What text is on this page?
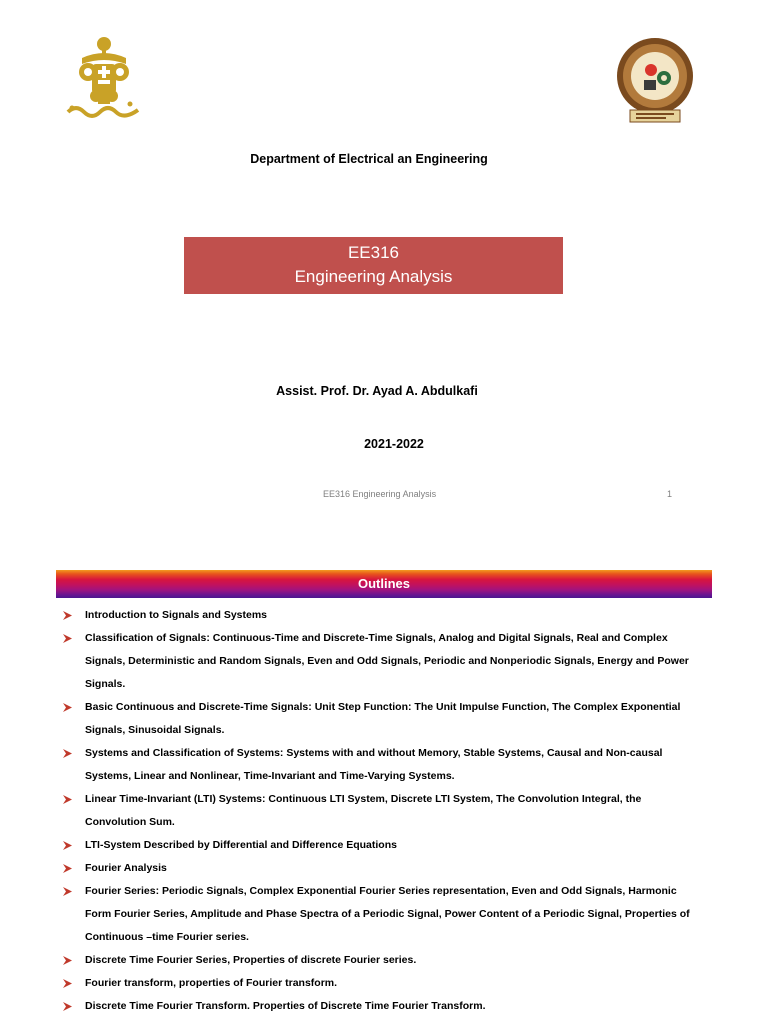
Department of Electrical an Engineering
EE316
Engineering Analysis
Assist. Prof. Dr. Ayad A. Abdulkafi
2021-2022
EE316 Engineering Analysis	1
Outlines
Introduction to Signals and Systems
Classification of Signals: Continuous-Time and Discrete-Time Signals, Analog and Digital Signals, Real and Complex Signals, Deterministic and Random Signals, Even and Odd Signals, Periodic and Nonperiodic Signals, Energy and Power Signals.
Basic Continuous and Discrete-Time Signals: Unit Step Function: The Unit Impulse Function, The Complex Exponential Signals, Sinusoidal Signals.
Systems and Classification of Systems: Systems with and without Memory, Stable Systems, Causal and Non-causal Systems, Linear and Nonlinear, Time-Invariant and Time-Varying Systems.
Linear Time-Invariant (LTI) Systems: Continuous LTI System, Discrete LTI System, The Convolution Integral, the Convolution Sum.
LTI-System Described by Differential and Difference Equations
Fourier Analysis
Fourier Series: Periodic Signals, Complex Exponential Fourier Series representation, Even and Odd Signals, Harmonic Form Fourier Series, Amplitude and Phase Spectra of a Periodic Signal, Power Content of a Periodic Signal, Properties of Continuous –time Fourier series.
Discrete Time Fourier Series, Properties of discrete Fourier series.
Fourier transform, properties of Fourier transform.
Discrete Time Fourier Transform. Properties of Discrete Time Fourier Transform.
